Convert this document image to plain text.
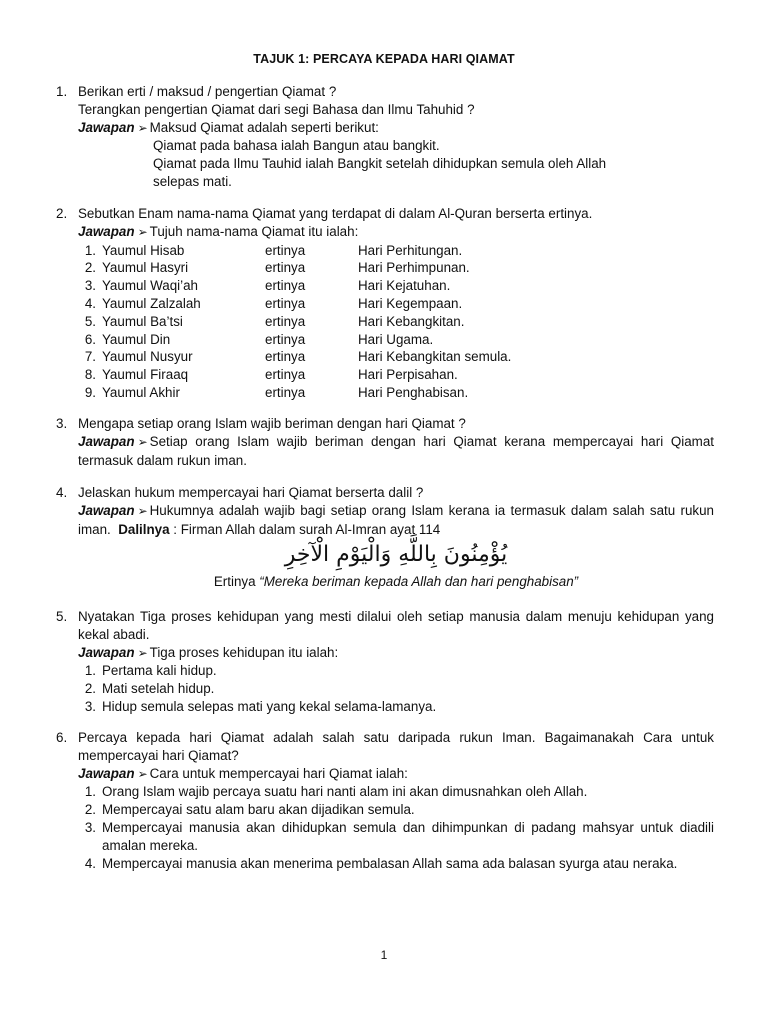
TAJUK 1: PERCAYA KEPADA HARI QIAMAT
1. Berikan erti / maksud / pengertian Qiamat ?
Terangkan pengertian Qiamat dari segi Bahasa dan Ilmu Tahuhid ?
Jawapan ➢ Maksud Qiamat adalah seperti berikut:
Qiamat pada bahasa ialah Bangun atau bangkit.
Qiamat pada Ilmu Tauhid ialah Bangkit setelah dihidupkan semula oleh Allah
selepas mati.
2. Sebutkan Enam nama-nama Qiamat yang terdapat di dalam Al-Quran berserta ertinya.
Jawapan ➢ Tujuh nama-nama Qiamat itu ialah:
1. Yaumul Hisab	ertinya	Hari Perhitungan.
2. Yaumul Hasyri	ertinya	Hari Perhimpunan.
3. Yaumul Waqi’ah	ertinya	Hari Kejatuhan.
4. Yaumul Zalzalah	ertinya	Hari Kegempaan.
5. Yaumul Ba’tsi	ertinya	Hari Kebangkitan.
6. Yaumul Din	ertinya	Hari Ugama.
7. Yaumul Nusyur	ertinya	Hari Kebangkitan semula.
8. Yaumul Firaaq	ertinya	Hari Perpisahan.
9. Yaumul Akhir	ertinya	Hari Penghabisan.
3. Mengapa setiap orang Islam wajib beriman dengan hari Qiamat ?
Jawapan ➢ Setiap orang Islam wajib beriman dengan hari Qiamat kerana mempercayai hari Qiamat termasuk dalam rukun iman.
4. Jelaskan hukum mempercayai hari Qiamat berserta dalil ?
Jawapan ➢ Hukumnya adalah wajib bagi setiap orang Islam kerana ia termasuk dalam salah satu rukun iman. Dalilnya : Firman Allah dalam surah Al-Imran ayat 114
يُؤْمِنُونَ بِاللَّهِ وَالْيَوْمِ الْآخِرِ
Ertinya “Mereka beriman kepada Allah dan hari penghabisan”
5. Nyatakan Tiga proses kehidupan yang mesti dilalui oleh setiap manusia dalam menuju kehidupan yang kekal abadi.
Jawapan ➢ Tiga proses kehidupan itu ialah:
1. Pertama kali hidup.
2. Mati setelah hidup.
3. Hidup semula selepas mati yang kekal selama-lamanya.
6. Percaya kepada hari Qiamat adalah salah satu daripada rukun Iman. Bagaimanakah Cara untuk mempercayai hari Qiamat?
Jawapan ➢ Cara untuk mempercayai hari Qiamat ialah:
1. Orang Islam wajib percaya suatu hari nanti alam ini akan dimusnahkan oleh Allah.
2. Mempercayai satu alam baru akan dijadikan semula.
3. Mempercayai manusia akan dihidupkan semula dan dihimpunkan di padang mahsyar untuk diadili amalan mereka.
4. Mempercayai manusia akan menerima pembalasan Allah sama ada balasan syurga atau neraka.
1
